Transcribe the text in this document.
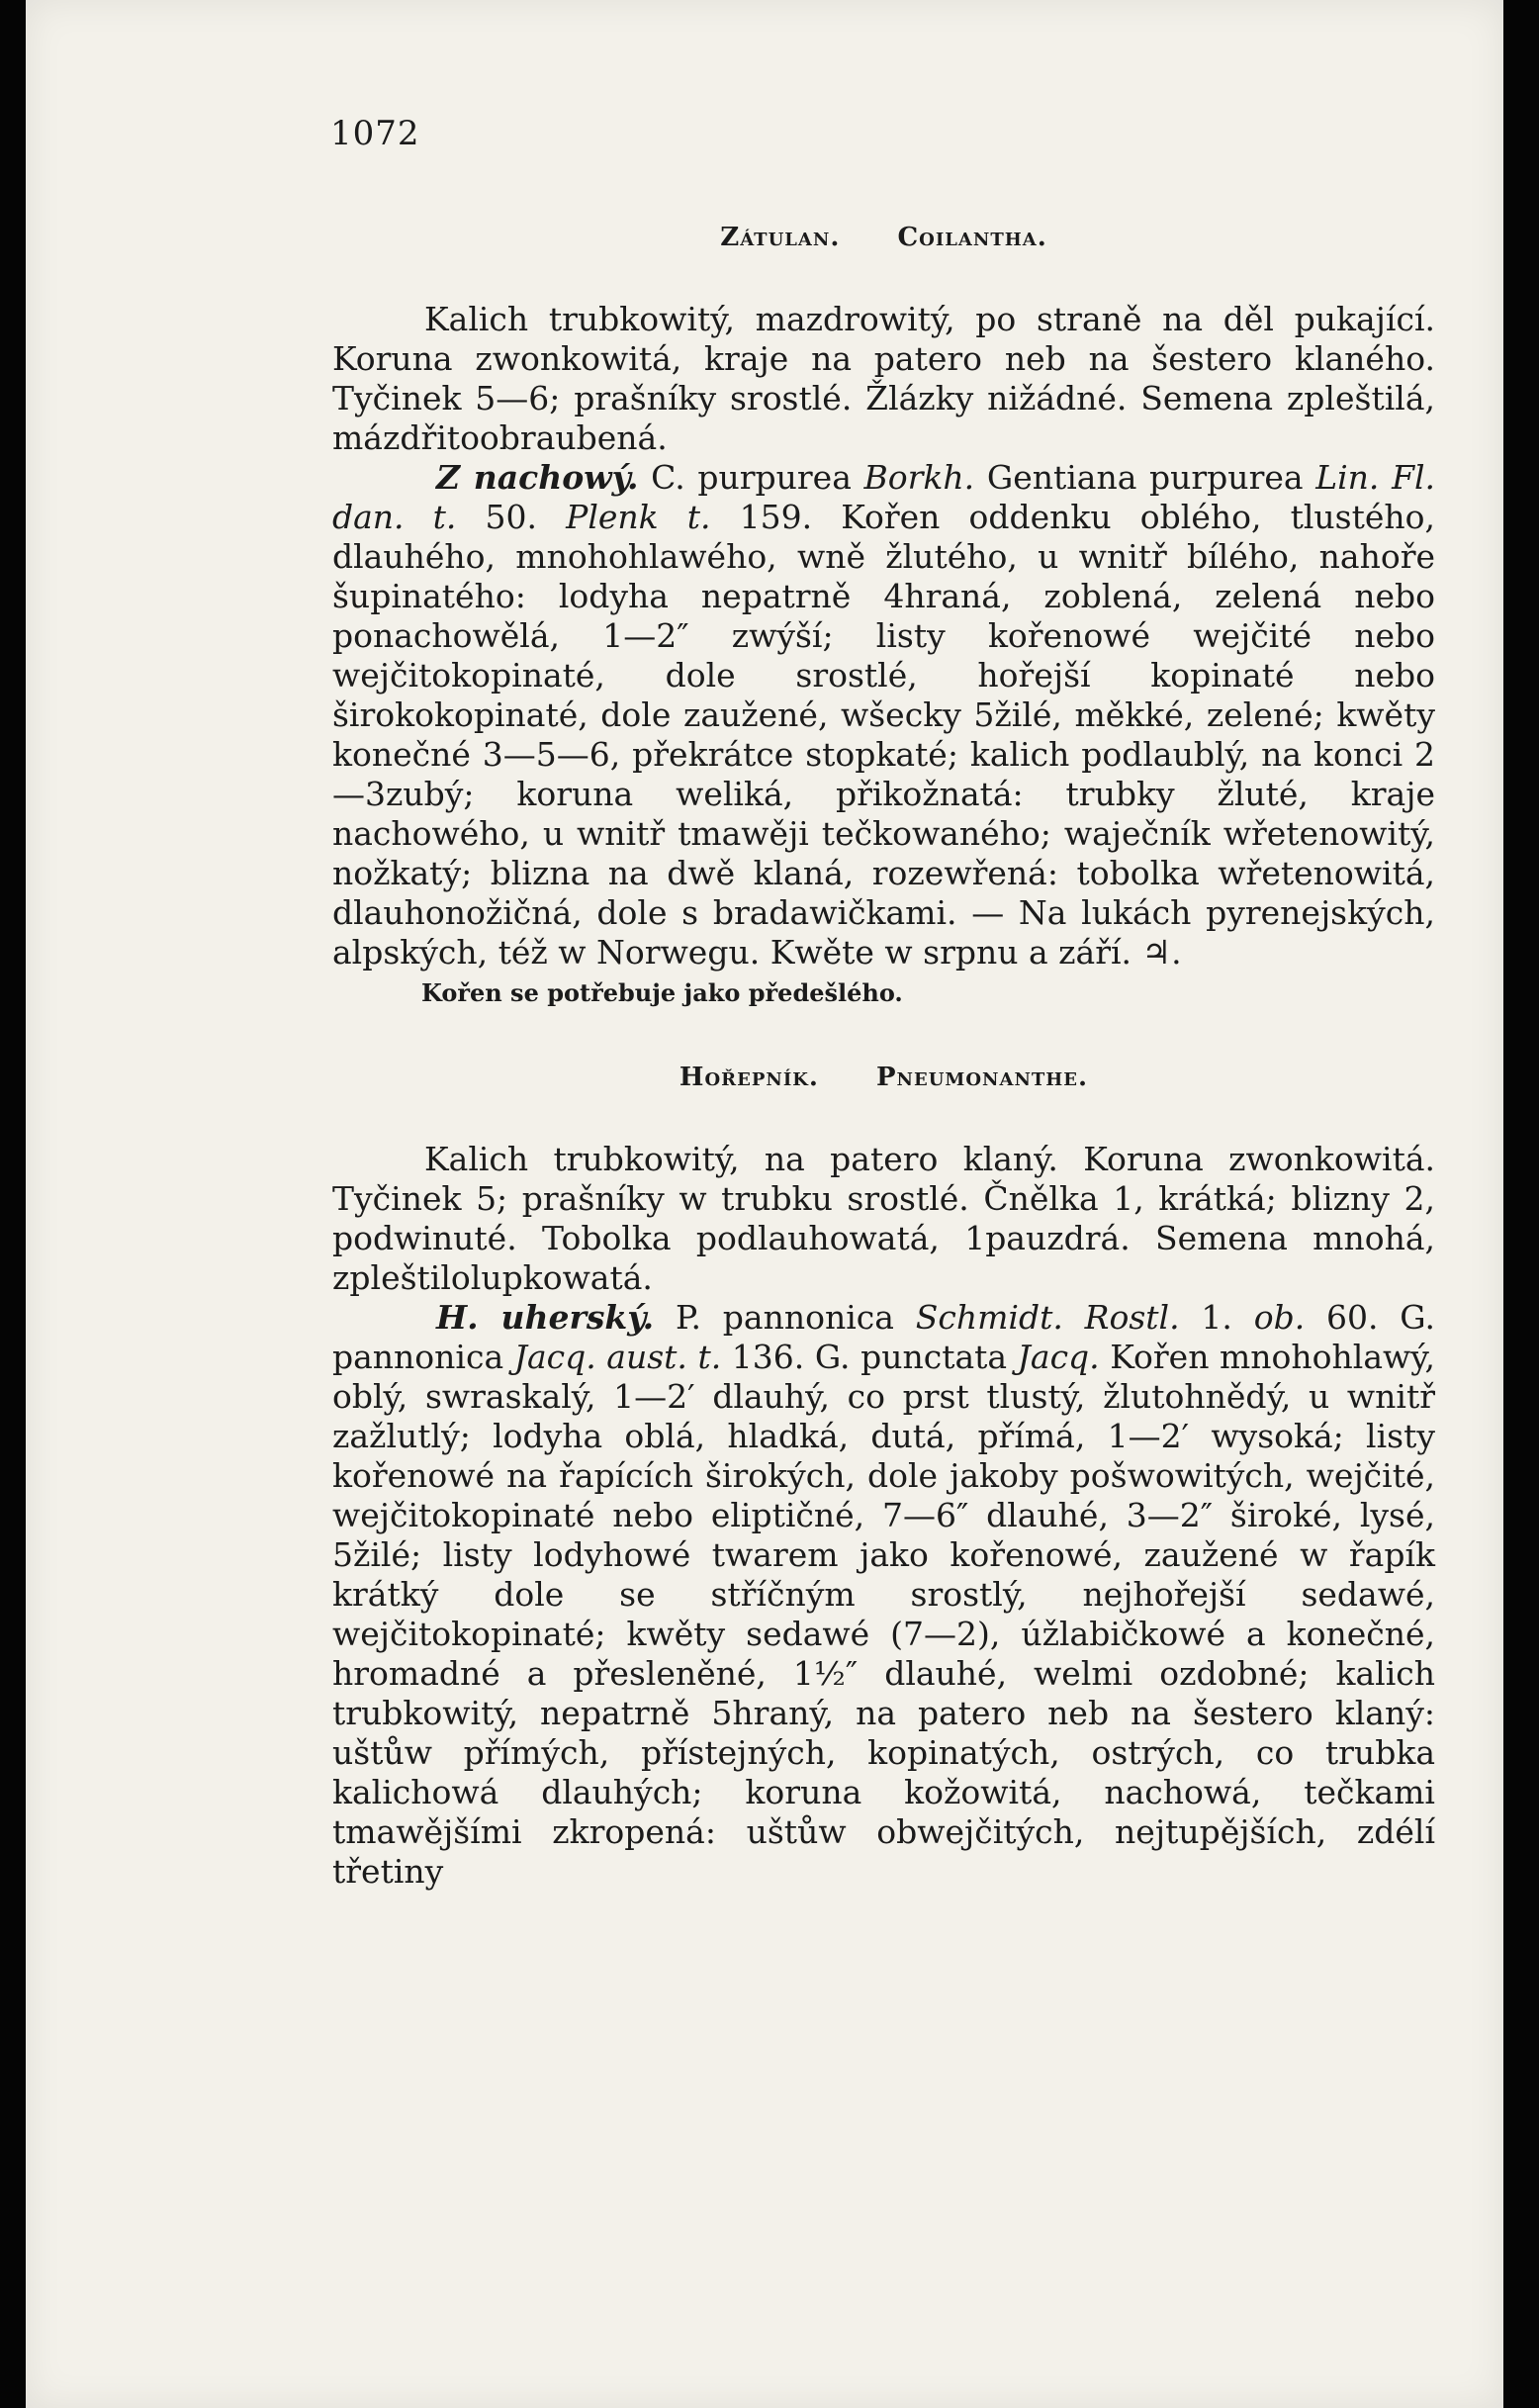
1072
Zátulan. Coilantha.

Kalich trubkowitý, mazdrowitý, po straně na děl pukající. Koruna zwonkowitá, kraje na patero neb na šestero klaného. Tyčinek 5—6; prašníky srostlé. Žlázky nižádné. Semena zpleštilá, mázdřitoobraubená.

Z nachowý. C. purpurea Borkh. Gentiana purpurea Lin. Fl. dan. t. 50. Plenk t. 159. Kořen oddenku oblého, tlustého, dlauhého, mnohohlawého, wně žlutého, u wnitř bílého, nahoře šupinatého: lodyha nepatrně 4hraná, zoblená, zelená nebo ponachowělá, 1—2″ zwýší; listy kořenowé wejčité nebo wejčitokopinaté, dole srostlé, hořejší kopinaté nebo širokokopinaté, dole zaužené, wšecky 5žilé, měkké, zelené; kwěty konečné 3—5—6, překrátce stopkaté; kalich podlaublý, na konci 2—3zubý; koruna weliká, přikožnatá: trubky žluté, kraje nachowého, u wnitř tmawěji tečkowaného; waječník wřetenowitý, nožkatý; blizna na dwě klaná, rozewřená: tobolka wřetenowitá, dlauhonožičná, dole s bradawičkami. — Na lukách pyrenejských, alpských, též w Norwegu. Kwěte w srpnu a září. ♃.

Kořen se potřebuje jako předešlého.

Hořepník. Pneumonanthe.

Kalich trubkowitý, na patero klaný. Koruna zwonkowitá. Tyčinek 5; prašníky w trubku srostlé. Čnělka 1, krátká; blizny 2, podwinuté. Tobolka podlauhowatá, 1pauzdrá. Semena mnohá, zpleštilolupkowatá.

H. uherský. P. pannonica Schmidt. Rostl. 1. ob. 60. G. pannonica Jacq. aust. t. 136. G. punctata Jacq. Kořen mnohohlawý, oblý, swraskalý, 1—2′ dlauhý, co prst tlustý, žlutohnědý, u wnitř zažlutlý; lodyha oblá, hladká, dutá, přímá, 1—2′ wysoká; listy kořenowé na řapících širokých, dole jakoby pošwowitých, wejčité, wejčitokopinaté nebo eliptičné, 7—6″ dlauhé, 3—2″ široké, lysé, 5žilé; listy lodyhowé twarem jako kořenowé, zaužené w řapík krátký dole se stříčným srostlý, nejhořejší sedawé, wejčitokopinaté; kwěty sedawé (7—2), úžlabičkowé a konečné, hromadné a přesleněné, 1½″ dlauhé, welmi ozdobné; kalich trubkowitý, nepatrně 5hraný, na patero neb na šestero klaný: uštůw přímých, přístejných, kopinatých, ostrých, co trubka kalichowá dlauhých; koruna kožowitá, nachowá, tečkami tmawějšími zkropená: uštůw obwejčitých, nejtupějších, zdélí třetiny
